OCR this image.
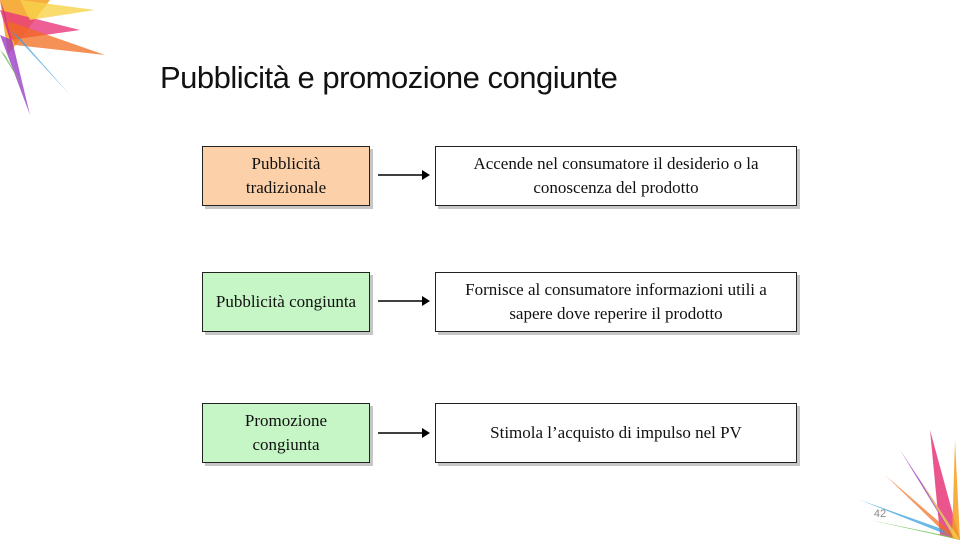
Pubblicità e promozione congiunte
Pubblicità tradizionale
Accende nel consumatore il desiderio o la conoscenza del prodotto
Pubblicità congiunta
Fornisce al consumatore informazioni utili a sapere dove reperire il prodotto
Promozione congiunta
Stimola l’acquisto di impulso nel PV
42
